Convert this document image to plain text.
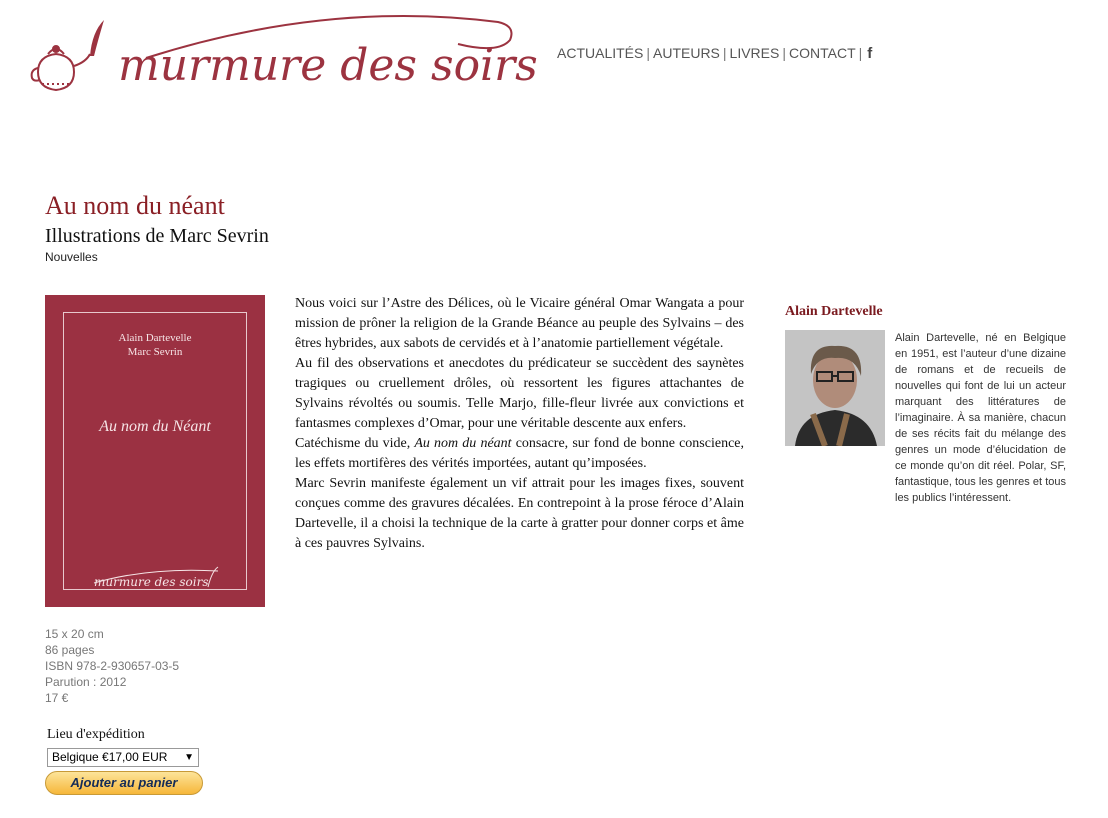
murmure des soirs ACTUALITÉS | AUTEURS | LIVRES | CONTACT | f
Au nom du néant
Illustrations de Marc Sevrin
Nouvelles
Alain Dartevelle
Marc Sevrin
Au nom du Néant
murmure des soirs
15 x 20 cm
86 pages
ISBN 978-2-930657-03-5
Parution : 2012
17 €
Lieu d'expédition
Belgique €17,00 EUR ▼
Ajouter au panier

Nous voici sur l’Astre des Délices, où le Vicaire général Omar Wangata a pour mission de prôner la religion de la Grande Béance au peuple des Sylvains – des êtres hybrides, aux sabots de cervidés et à l’anatomie partiellement végétale.

Au fil des observations et anecdotes du prédicateur se succèdent des saynètes tragiques ou cruellement drôles, où ressortent les figures attachantes de Sylvains révoltés ou soumis. Telle Marjo, fille-fleur livrée aux convictions et fantasmes complexes d’Omar, pour une véritable descente aux enfers.

Catéchisme du vide, Au nom du néant consacre, sur fond de bonne conscience, les effets mortifères des vérités importées, autant qu’imposées.

Marc Sevrin manifeste également un vif attrait pour les images fixes, souvent conçues comme des gravures décalées. En contrepoint à la prose féroce d’Alain Dartevelle, il a choisi la technique de la carte à gratter pour donner corps et âme à ces pauvres Sylvains.

Alain Dartevelle
Alain Dartevelle, né en Belgique en 1951, est l’auteur d’une dizaine de romans et de recueils de nouvelles qui font de lui un acteur marquant des littératures de l’imaginaire. À sa manière, chacun de ses récits fait du mélange des genres un mode d’élucidation de ce monde qu’on dit réel. Polar, SF, fantastique, tous les genres et tous les publics l’intéressent.
